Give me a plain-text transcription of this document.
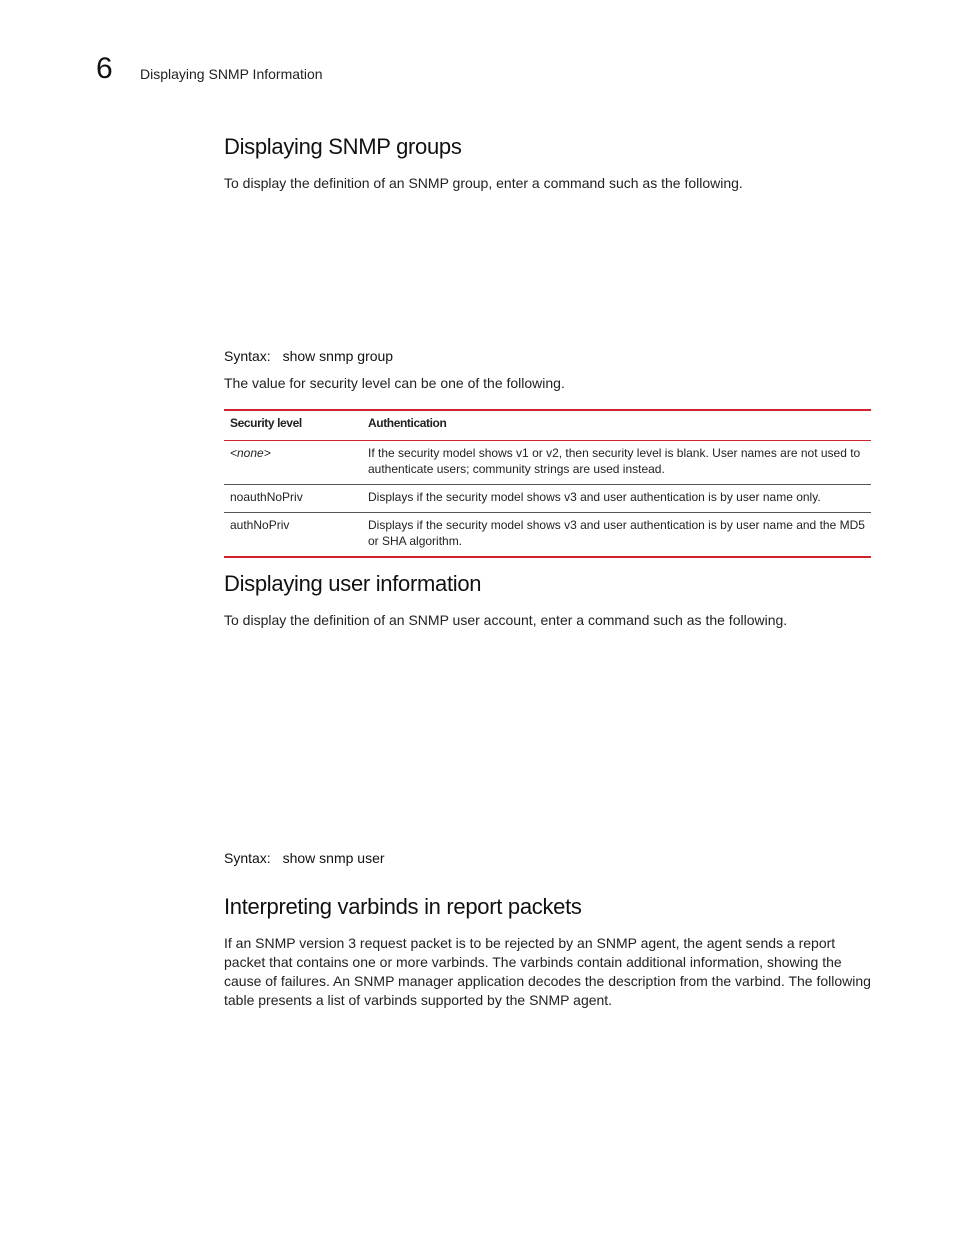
6 Displaying SNMP Information
Displaying SNMP groups

To display the definition of an SNMP group, enter a command such as the following.

Syntax: show snmp group

The value for security level can be one of the following.

Security level	Authentication
<none>	If the security model shows v1 or v2, then security level is blank. User names are not used to authenticate users; community strings are used instead.
noauthNoPriv	Displays if the security model shows v3 and user authentication is by user name only.
authNoPriv	Displays if the security model shows v3 and user authentication is by user name and the MD5 or SHA algorithm.
Displaying user information

To display the definition of an SNMP user account, enter a command such as the following.

Syntax: show snmp user
Interpreting varbinds in report packets

If an SNMP version 3 request packet is to be rejected by an SNMP agent, the agent sends a report packet that contains one or more varbinds. The varbinds contain additional information, showing the cause of failures. An SNMP manager application decodes the description from the varbind. The following table presents a list of varbinds supported by the SNMP agent.
